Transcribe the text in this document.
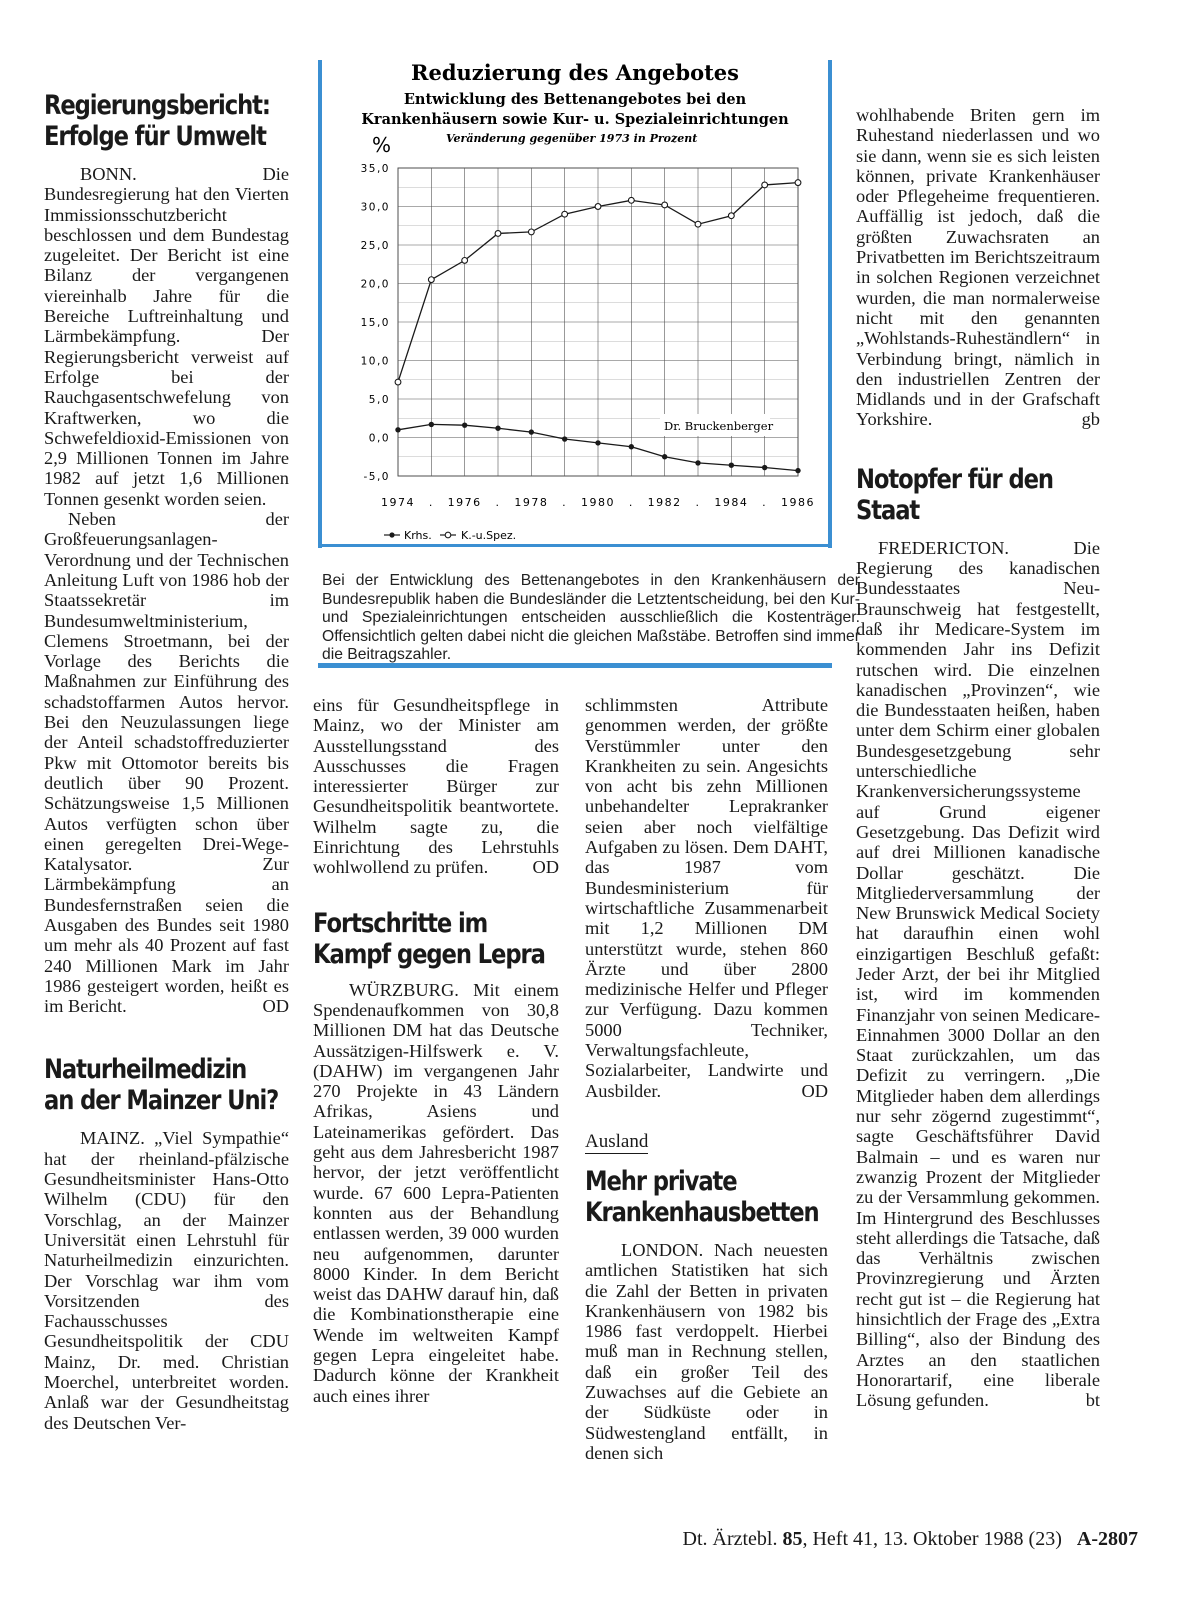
Regierungsbericht:
Erfolge für Umwelt

BONN. Die Bundesregierung hat den Vierten Immissionsschutzbericht beschlossen und dem Bundestag zugeleitet. Der Bericht ist eine Bilanz der vergangenen viereinhalb Jahre für die Bereiche Luftreinhaltung und Lärmbekämpfung. Der Regierungsbericht verweist auf Erfolge bei der Rauchgasentschwefelung von Kraftwerken, wo die Schwefeldioxid-Emissionen von 2,9 Millionen Tonnen im Jahre 1982 auf jetzt 1,6 Millionen Tonnen gesenkt worden seien.

Neben der Großfeuerungsanlagen-Verordnung und der Technischen Anleitung Luft von 1986 hob der Staatssekretär im Bundesumweltministerium, Clemens Stroetmann, bei der Vorlage des Berichts die Maßnahmen zur Einführung des schadstoffarmen Autos hervor. Bei den Neuzulassungen liege der Anteil schadstoffreduzierter Pkw mit Ottomotor bereits bis deutlich über 90 Prozent. Schätzungsweise 1,5 Millionen Autos verfügten schon über einen geregelten Drei-Wege-Katalysator. Zur Lärmbekämpfung an Bundesfernstraßen seien die Ausgaben des Bundes seit 1980 um mehr als 40 Prozent auf fast 240 Millionen Mark im Jahr 1986 gesteigert worden, heißt es im Bericht.	OD

Naturheilmedizin
an der Mainzer Uni?

MAINZ. „Viel Sympathie“ hat der rheinland-pfälzische Gesundheitsminister Hans-Otto Wilhelm (CDU) für den Vorschlag, an der Mainzer Universität einen Lehrstuhl für Naturheilmedizin einzurichten. Der Vorschlag war ihm vom Vorsitzenden des Fachausschusses Gesundheitspolitik der CDU Mainz, Dr. med. Christian Moerchel, unterbreitet worden. Anlaß war der Gesundheitstag des Deutschen Ver-

Reduzierung des Angebotes
Entwicklung des Bettenangebotes bei den
Krankenhäusern sowie Kur- u. Spezialeinrichtungen
%	Veränderung gegenüber 1973 in Prozent
35,0
30,0
25,0
20,0
15,0
10,0
5,0
0,0
-5,0
1974 . 1976 . 1978 . 1980 . 1982 . 1984 . 1986
Dr. Bruckenberger
Krhs.	K.-u.Spez.
Bei der Entwicklung des Bettenangebotes in den Krankenhäusern der Bundesrepublik haben die Bundesländer die Letztentscheidung, bei den Kur- und Spezialeinrichtungen entscheiden ausschließlich die Kostenträger. Offensichtlich gelten dabei nicht die gleichen Maßstäbe. Betroffen sind immer die Beitragszahler.

eins für Gesundheitspflege in Mainz, wo der Minister am Ausstellungsstand des Ausschusses die Fragen interessierter Bürger zur Gesundheitspolitik beantwortete. Wilhelm sagte zu, die Einrichtung des Lehrstuhls wohlwollend zu prüfen. OD

Fortschritte im
Kampf gegen Lepra

WÜRZBURG. Mit einem Spendenaufkommen von 30,8 Millionen DM hat das Deutsche Aussätzigen-Hilfswerk e. V. (DAHW) im vergangenen Jahr 270 Projekte in 43 Ländern Afrikas, Asiens und Lateinamerikas gefördert. Das geht aus dem Jahresbericht 1987 hervor, der jetzt veröffentlicht wurde. 67 600 Lepra-Patienten konnten aus der Behandlung entlassen werden, 39 000 wurden neu aufgenommen, darunter 8000 Kinder. In dem Bericht weist das DAHW darauf hin, daß die Kombinationstherapie eine Wende im weltweiten Kampf gegen Lepra eingeleitet habe. Dadurch könne der Krankheit auch eines ihrer

schlimmsten Attribute genommen werden, der größte Verstümmler unter den Krankheiten zu sein. Angesichts von acht bis zehn Millionen unbehandelter Leprakranker seien aber noch vielfältige Aufgaben zu lösen. Dem DAHT, das 1987 vom Bundesministerium für wirtschaftliche Zusammenarbeit mit 1,2 Millionen DM unterstützt wurde, stehen 860 Ärzte und über 2800 medizinische Helfer und Pfleger zur Verfügung. Dazu kommen 5000 Techniker, Verwaltungsfachleute, Sozialarbeiter, Landwirte und Ausbilder.	OD

Ausland
Mehr private
Krankenhausbetten

LONDON. Nach neuesten amtlichen Statistiken hat sich die Zahl der Betten in privaten Krankenhäusern von 1982 bis 1986 fast verdoppelt. Hierbei muß man in Rechnung stellen, daß ein großer Teil des Zuwachses auf die Gebiete an der Südküste oder in Südwestengland entfällt, in denen sich

wohlhabende Briten gern im Ruhestand niederlassen und wo sie dann, wenn sie es sich leisten können, private Krankenhäuser oder Pflegeheime frequentieren. Auffällig ist jedoch, daß die größten Zuwachsraten an Privatbetten im Berichtszeitraum in solchen Regionen verzeichnet wurden, die man normalerweise nicht mit den genannten „Wohlstands-Ruheständlern“ in Verbindung bringt, nämlich in den industriellen Zentren der Midlands und in der Grafschaft Yorkshire.	gb

Notopfer für den Staat

FREDERICTON. Die Regierung des kanadischen Bundesstaates Neu-Braunschweig hat festgestellt, daß ihr Medicare-System im kommenden Jahr ins Defizit rutschen wird. Die einzelnen kanadischen „Provinzen“, wie die Bundesstaaten heißen, haben unter dem Schirm einer globalen Bundesgesetzgebung sehr unterschiedliche Krankenversicherungssysteme auf Grund eigener Gesetzgebung. Das Defizit wird auf drei Millionen kanadische Dollar geschätzt. Die Mitgliederversammlung der New Brunswick Medical Society hat daraufhin einen wohl einzigartigen Beschluß gefaßt: Jeder Arzt, der bei ihr Mitglied ist, wird im kommenden Finanzjahr von seinen Medicare-Einnahmen 3000 Dollar an den Staat zurückzahlen, um das Defizit zu verringern. „Die Mitglieder haben dem allerdings nur sehr zögernd zugestimmt“, sagte Geschäftsführer David Balmain – und es waren nur zwanzig Prozent der Mitglieder zu der Versammlung gekommen. Im Hintergrund des Beschlusses steht allerdings die Tatsache, daß das Verhältnis zwischen Provinzregierung und Ärzten recht gut ist – die Regierung hat hinsichtlich der Frage des „Extra Billing“, also der Bindung des Arztes an den staatlichen Honorartarif, eine liberale Lösung gefunden.	bt

Dt. Ärztebl. 85, Heft 41, 13. Oktober 1988 (23) A-2807
